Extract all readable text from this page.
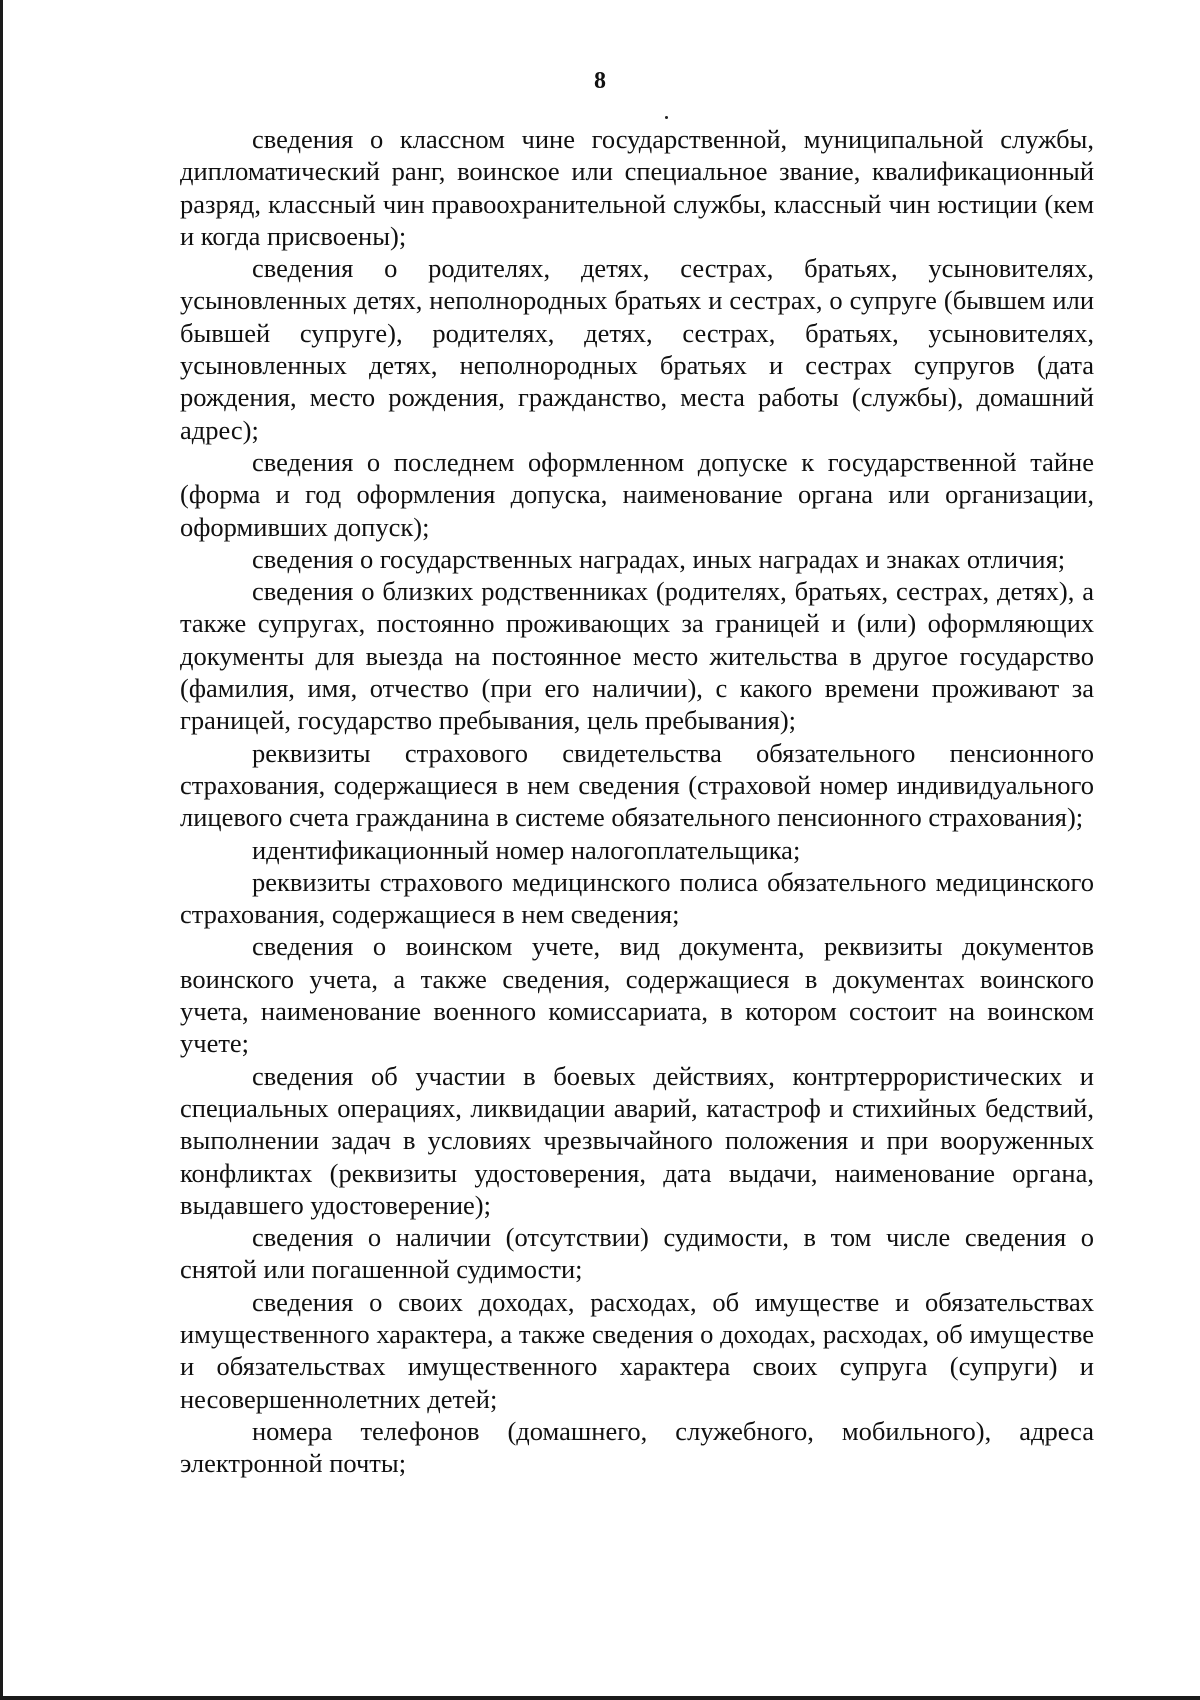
8

сведения о классном чине государственной, муниципальной службы, дипломатический ранг, воинское или специальное звание, квалификационный разряд, классный чин правоохранительной службы, классный чин юстиции (кем и когда присвоены);

сведения о родителях, детях, сестрах, братьях, усыновителях, усыновленных детях, неполнородных братьях и сестрах, о супруге (бывшем или бывшей супруге), родителях, детях, сестрах, братьях, усыновителях, усыновленных детях, неполнородных братьях и сестрах супругов (дата рождения, место рождения, гражданство, места работы (службы), домашний адрес);

сведения о последнем оформленном допуске к государственной тайне (форма и год оформления допуска, наименование органа или организации, оформивших допуск);

сведения о государственных наградах, иных наградах и знаках отличия;

сведения о близких родственниках (родителях, братьях, сестрах, детях), а также супругах, постоянно проживающих за границей и (или) оформляющих документы для выезда на постоянное место жительства в другое государство (фамилия, имя, отчество (при его наличии), с какого времени проживают за границей, государство пребывания, цель пребывания);

реквизиты страхового свидетельства обязательного пенсионного страхования, содержащиеся в нем сведения (страховой номер индивидуального лицевого счета гражданина в системе обязательного пенсионного страхования);

идентификационный номер налогоплательщика;

реквизиты страхового медицинского полиса обязательного медицинского страхования, содержащиеся в нем сведения;

сведения о воинском учете, вид документа, реквизиты документов воинского учета, а также сведения, содержащиеся в документах воинского учета, наименование военного комиссариата, в котором состоит на воинском учете;

сведения об участии в боевых действиях, контртеррористических и специальных операциях, ликвидации аварий, катастроф и стихийных бедствий, выполнении задач в условиях чрезвычайного положения и при вооруженных конфликтах (реквизиты удостоверения, дата выдачи, наименование органа, выдавшего удостоверение);

сведения о наличии (отсутствии) судимости, в том числе сведения о снятой или погашенной судимости;

сведения о своих доходах, расходах, об имуществе и обязательствах имущественного характера, а также сведения о доходах, расходах, об имуществе и обязательствах имущественного характера своих супруга (супруги) и несовершеннолетних детей;

номера телефонов (домашнего, служебного, мобильного), адреса электронной почты;
